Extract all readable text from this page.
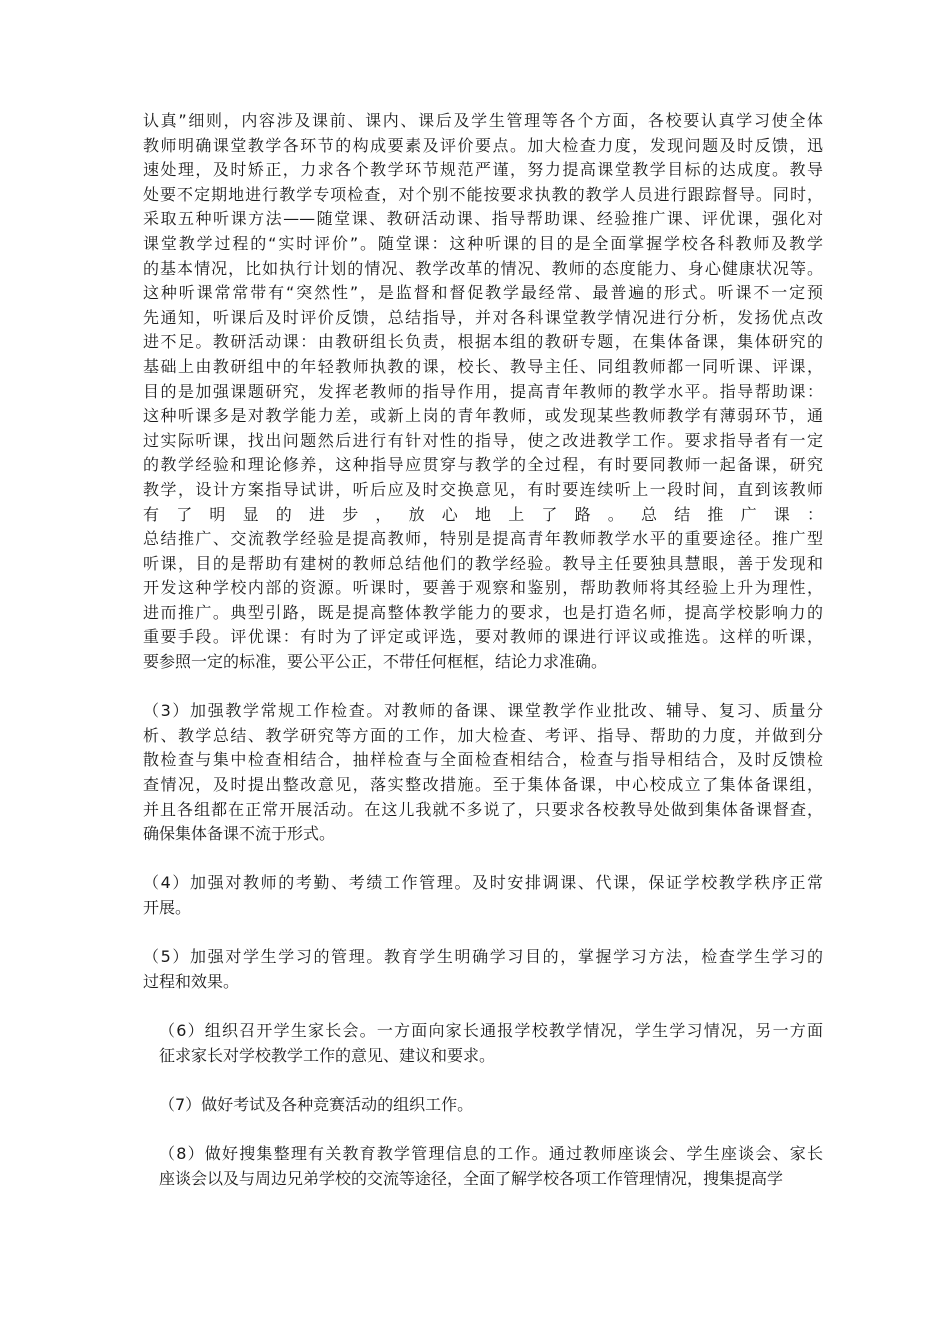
认真”细则，内容涉及课前、课内、课后及学生管理等各个方面，各校要认真学习使全体
教师明确课堂教学各环节的构成要素及评价要点。加大检查力度，发现问题及时反馈，迅
速处理，及时矫正，力求各个教学环节规范严谨，努力提高课堂教学目标的达成度。教导
处要不定期地进行教学专项检查，对个别不能按要求执教的教学人员进行跟踪督导。同时，
采取五种听课方法——随堂课、教研活动课、指导帮助课、经验推广课、评优课，强化对
课堂教学过程的“实时评价”。随堂课：这种听课的目的是全面掌握学校各科教师及教学
的基本情况，比如执行计划的情况、教学改革的情况、教师的态度能力、身心健康状况等。
这种听课常常带有“突然性”，是监督和督促教学最经常、最普遍的形式。听课不一定预
先通知，听课后及时评价反馈，总结指导，并对各科课堂教学情况进行分析，发扬优点改
进不足。教研活动课：由教研组长负责，根据本组的教研专题，在集体备课，集体研究的
基础上由教研组中的年轻教师执教的课，校长、教导主任、同组教师都一同听课、评课，
目的是加强课题研究，发挥老教师的指导作用，提高青年教师的教学水平。指导帮助课：
这种听课多是对教学能力差，或新上岗的青年教师，或发现某些教师教学有薄弱环节，通
过实际听课，找出问题然后进行有针对性的指导，使之改进教学工作。要求指导者有一定
的教学经验和理论修养，这种指导应贯穿与教学的全过程，有时要同教师一起备课，研究
教学，设计方案指导试讲，听后应及时交换意见，有时要连续听上一段时间，直到该教师
有了明显的进步，放心地上了路。总结推广课：
总结推广、交流教学经验是提高教师，特别是提高青年教师教学水平的重要途径。推广型
听课，目的是帮助有建树的教师总结他们的教学经验。教导主任要独具慧眼，善于发现和
开发这种学校内部的资源。听课时，要善于观察和鉴别，帮助教师将其经验上升为理性，
进而推广。典型引路，既是提高整体教学能力的要求，也是打造名师，提高学校影响力的
重要手段。评优课：有时为了评定或评选，要对教师的课进行评议或推选。这样的听课，
要参照一定的标准，要公平公正，不带任何框框，结论力求准确。
（3）加强教学常规工作检查。对教师的备课、课堂教学作业批改、辅导、复习、质量分
析、教学总结、教学研究等方面的工作，加大检查、考评、指导、帮助的力度，并做到分
散检查与集中检查相结合，抽样检查与全面检查相结合，检查与指导相结合，及时反馈检
查情况，及时提出整改意见，落实整改措施。至于集体备课，中心校成立了集体备课组，
并且各组都在正常开展活动。在这儿我就不多说了，只要求各校教导处做到集体备课督查，
确保集体备课不流于形式。
（4）加强对教师的考勤、考绩工作管理。及时安排调课、代课，保证学校教学秩序正常
开展。
（5）加强对学生学习的管理。教育学生明确学习目的，掌握学习方法，检查学生学习的
过程和效果。
（6）组织召开学生家长会。一方面向家长通报学校教学情况，学生学习情况，另一方面
征求家长对学校教学工作的意见、建议和要求。
（7）做好考试及各种竞赛活动的组织工作。
（8）做好搜集整理有关教育教学管理信息的工作。通过教师座谈会、学生座谈会、家长
座谈会以及与周边兄弟学校的交流等途径，全面了解学校各项工作管理情况，搜集提高学
